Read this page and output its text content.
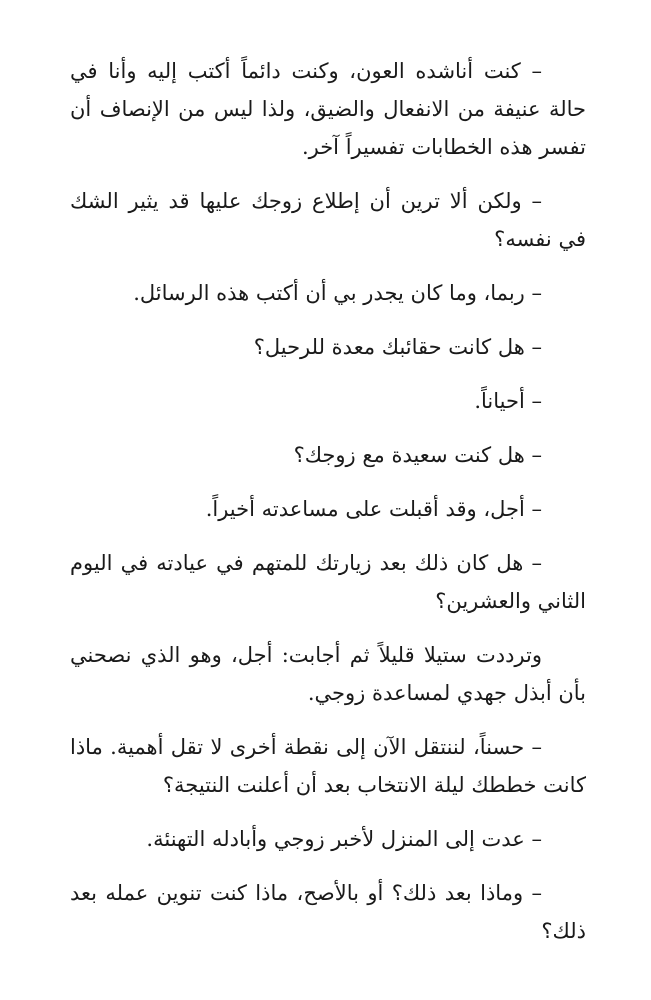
– كنت أناشده العون، وكنت دائماً أكتب إليه وأنا في حالة عنيفة من الانفعال والضيق، ولذا ليس من الإنصاف أن تفسر هذه الخطابات تفسيراً آخر.

– ولكن ألا ترين أن إطلاع زوجك عليها قد يثير الشك في نفسه؟

– ربما، وما كان يجدر بي أن أكتب هذه الرسائل.

– هل كانت حقائبك معدة للرحيل؟

– أحياناً.

– هل كنت سعيدة مع زوجك؟

– أجل، وقد أقبلت على مساعدته أخيراً.

– هل كان ذلك بعد زيارتك للمتهم في عيادته في اليوم الثاني والعشرين؟

وترددت ستيلا قليلاً ثم أجابت: أجل، وهو الذي نصحني بأن أبذل جهدي لمساعدة زوجي.

– حسناً، لننتقل الآن إلى نقطة أخرى لا تقل أهمية. ماذا كانت خططك ليلة الانتخاب بعد أن أعلنت النتيجة؟

– عدت إلى المنزل لأخبر زوجي وأبادله التهنئة.

– وماذا بعد ذلك؟ أو بالأصح، ماذا كنت تنوين عمله بعد ذلك؟
